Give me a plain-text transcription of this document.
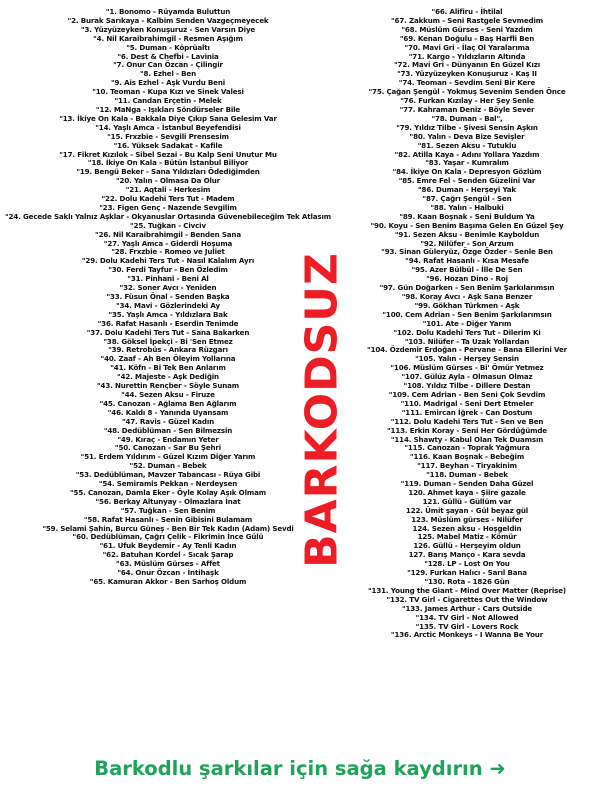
"1. Bonomo - Rüyamda Buluttun
"2. Burak Sarıkaya - Kalbim Senden Vazgeçmeyecek
"3. Yüzyüzeyken Konuşuruz - Sen Varsın Diye
"4. Nil Karaibrahimgil - Resmen Aşığım
"5. Duman - Köprüaltı
"6. Dest & Chefbi - Lavinia
"7. Onur Can Özcan - Çilingir
"8. Ezhel - Ben
"9. Ais Ezhel - Aşk Vurdu Beni
"10. Teoman - Kupa Kızı ve Sinek Valesi
"11. Candan Erçetin - Melek
"12. MaNga - Işıkları Söndürseler Bile
"13. İkiye On Kala - Bakkala Diye Çıkıp Sana Gelesim Var
"14. Yaşlı Amca - İstanbul Beyefendisi
"15. Frxzbie - Sevgili Prensesim
"16. Yüksek Sadakat - Kafile
"17. Fikret Kızılok - Sibel Sezai - Bu Kalp Seni Unutur Mu
"18. İkiye On Kala - Bütün İstanbul Biliyor
"19. Bengü Beker - Sana Yıldızları Ödediğimden
"20. Yalın - Olmasa Da Olur
"21. Aqtali - Herkesim
"22. Dolu Kadehi Ters Tut - Madem
"23. Figen Genç - Nazende Sevgilim
"24. Gecede Saklı Yalnız Aşklar - Okyanuslar Ortasında Güvenebileceğim Tek Atlasım
"25. Tuğkan - Civciv
"26. Nil Karaibrahimgil - Benden Sana
"27. Yaşlı Amca - Giderdi Hoşuma
"28. Frxzbie - Romeo ve Juliet
"29. Dolu Kadehi Ters Tut - Nasıl Kalalım Ayrı
"30. Ferdi Tayfur - Ben Özledim
"31. Pinhani - Beni Al
"32. Soner Avcı - Yeniden
"33. Füsun Önal - Senden Başka
"34. Mavi - Gözlerindeki Ay
"35. Yaşlı Amca - Yıldızlara Bak
"36. Rafat Hasanlı - Eserdin Tenimde
"37. Dolu Kadehi Ters Tut - Sana Bakarken
"38. Göksel İpekçi - Bi 'Sen Etmez
"39. Retrobüs - Ankara Rüzgarı
"40. Zaaf - Ah Ben Öleyim Yollarına
"41. Köfn - Bi Tek Ben Anlarım
"42. Majeste - Aşk Dediğin
"43. Nurettin Rençber - Söyle Sunam
"44. Sezen Aksu - Firuze
"45. Canozan - Ağlama Ben Ağlarım
"46. Kaldı 8 - Yanında Uyansam
"47. Ravis - Güzel Kadın
"48. Dedüblüman - Sen Bilmezsin
"49. Kıraç - Endamın Yeter
"50. Canozan - Sar Bu Şehri
"51. Erdem Yıldırım - Güzel Kızım Diğer Yarım
"52. Duman - Bebek
"53. Dedüblüman, Mavzer Tabancası - Rüya Gibi
"54. Semiramis Pekkan - Nerdeysen
"55. Canozan, Damla Eker - Öyle Kolay Aşık Olmam
"56. Berkay Altunyay - Olmazlara İnat
"57. Tuğkan - Sen Benim
"58. Rafat Hasanlı - Senin Gibisini Bulamam
"59. Selami Şahin, Burcu Güneş - Ben Bir Tek Kadın (Adam) Sevdi
"60. Dedüblüman, Çağrı Çelik - Fikrimin İnce Gülü
"61. Ufuk Beydemir - Ay Tenli Kadın
"62. Batuhan Kordel - Sıcak Şarap
"63. Müslüm Gürses - Affet
"64. Onur Özcan - İntihaşk
"65. Kamuran Akkor - Ben Sarhoş Oldum
"66. Alifiru - İhtilal
"67. Zakkum - Seni Rastgele Sevmedim
"68. Müslüm Gürses - Seni Yazdım
"69. Kenan Doğulu - Baş Harfli Ben
"70. Mavi Gri - İlaç Ol Yaralarıma
"71. Kargo - Yıldızların Altında
"72. Mavi Gri - Dünyanın En Güzel Kızı
"73. Yüzyüzeyken Konuşuruz - Kaş II
"74. Teoman - Sevdim Seni Bir Kere
"75. Çağan Şengül - Yokmuş Sevenim Senden Önce
"76. Furkan Kızılay - Her Şey Senle
"77. Kahraman Deniz - Böyle Sever
"78. Duman - Bal",
"79. Yıldız Tilbe - Şivesi Sensin Aşkın
"80. Yalın - Deva Bize Sevişler
"81. Sezen Aksu - Tutuklu
"82. Atilla Kaya - Adını Yollara Yazdım
"83. Yaşar - Kumralım
"84. İkiye On Kala - Depresyon Gözlüm
"85. Emre Fel - Senden Güzelini Var
"86. Duman - Herşeyi Yak
"87. Çağrı Şengül - Sen
"88. Yalın - Halbuki
"89. Kaan Boşnak - Seni Buldum Ya
"90. Koyu - Sen Benim Başıma Gelen En Güzel Şey
"91. Sezen Aksu - Benimle Kayboldun
"92. Nilüfer - Son Arzum
"93. Sinan Güleryüz, Özge Özder - Senle Ben
"94. Rafat Hasanlı - Kısa Mesafe
"95. Azer Bülbül - İlle De Sen
"96. Hozan Dino - Roj
"97. Gün Doğarken - Sen Benim Şarkılarımsın
"98. Koray Avcı - Aşk Sana Benzer
"99. Gökhan Türkmen - Aşk
"100. Cem Adrian - Sen Benim Şarkılarımsın
"101. Ate - Diğer Yarım
"102. Dolu Kadehi Ters Tut - Dilerim Ki
"103. Nilüfer - Ta Uzak Yollardan
"104. Özdemir Erdoğan - Pervane - Bana Ellerini Ver
"105. Yalın - Herşey Sensin
"106. Müslüm Gürses - Bi' Ömür Yetmez
"107. Gülüz Ayla - Olmasun Olmaz
"108. Yıldız Tilbe - Dillere Destan
"109. Cem Adrian - Ben Seni Çok Sevdim
"110. Madrigal - Seni Dert Etmeler
"111. Emircan İğrek - Can Dostum
"112. Dolu Kadehi Ters Tut - Sen ve Ben
"113. Erkin Koray - Seni Her Gördüğümde
"114. Shawty - Kabul Olan Tek Duamsın
"115. Canozan - Toprak Yağmura
"116. Kaan Boşnak - Bebeğim
"117. Beyhan - Tiryakinim
"118. Duman - Bebek
"119. Duman - Senden Daha Güzel
120. Ahmet kaya - Şiire gazale
121. Güllü - Güllüm var
122. Ümit şayan - Gül beyaz gül
123. Müslüm gürses - Nilüfer
124. Sezen aksu - Hoşgeldin
125. Mabel Matiz - Kömür
126. Güllü - Herşeyim oldun
127. Barış Manço - Kara sevda
"128. LP - Lost On You
"129. Furkan Halıcı - Sarıl Bana
"130. Rota - 1826 Gün
"131. Young the Giant - Mind Over Matter (Reprise)
"132. TV Girl - Cigarettes Out the Window
"133. James Arthur - Cars Outside
"134. TV Girl - Not Allowed
"135. TV Girl - Lovers Rock
"136. Arctic Monkeys - I Wanna Be Your
BARKODSUZ
Barkodlu şarkılar için sağa kaydırın ➜
